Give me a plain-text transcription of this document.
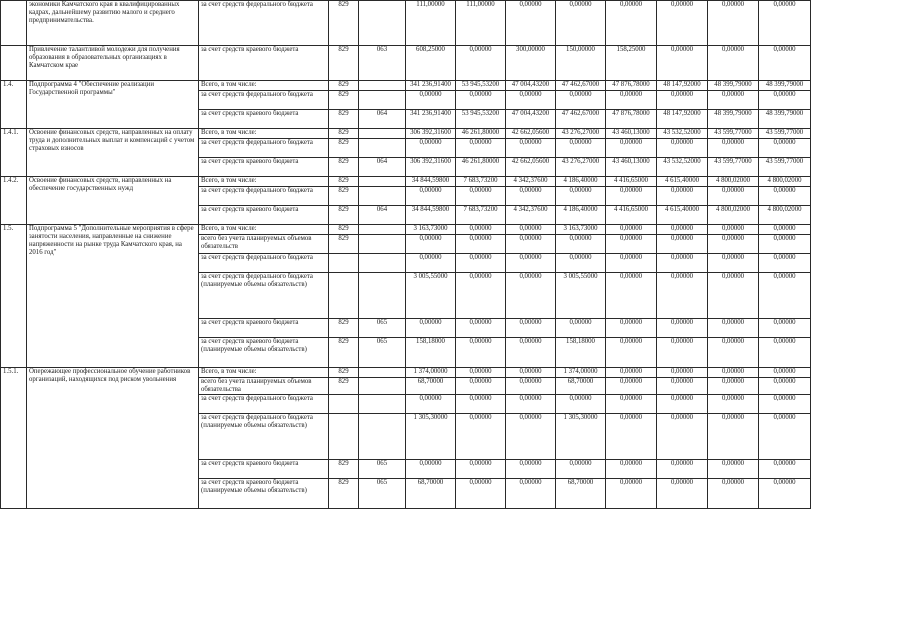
	экономики Камчатского края в квалифицированных кадрах, дальнейшему развитию малого и среднего предпринимательства.	за счет средств федерального бюджета	829		111,00000	111,00000	0,00000	0,00000	0,00000	0,00000	0,00000	0,00000
	Привлечение талантливой молодежи для получения образования в образовательных организациях в Камчатском крае	за счет средств краевого бюджета	829	063	608,25000	0,00000	300,00000	150,00000	158,25000	0,00000	0,00000	0,00000
1.4.	Подпрограмма 4 "Обеспечение реализации Государственной программы"	Всего, в том числе:	829		341 236,91400	53 945,53200	47 004,43200	47 462,67000	47 876,78000	48 147,92000	48 399,79000	48 399,79000
		за счет средств федерального бюджета	829		0,00000	0,00000	0,00000	0,00000	0,00000	0,00000	0,00000	0,00000
		за счет средств краевого бюджета	829	064	341 236,91400	53 945,53200	47 004,43200	47 462,67000	47 876,78000	48 147,92000	48 399,79000	48 399,79000
1.4.1.	Освоение финансовых средств, направленных на оплату труда и дополнительных выплат и компенсаций с учетом страховых взносов	Всего, в том числе:	829		306 392,31600	46 261,80000	42 662,05600	43 276,27000	43 460,13000	43 532,52000	43 599,77000	43 599,77000
		за счет средств федерального бюджета	829		0,00000	0,00000	0,00000	0,00000	0,00000	0,00000	0,00000	0,00000
		за счет средств краевого бюджета	829	064	306 392,31600	46 261,80000	42 662,05600	43 276,27000	43 460,13000	43 532,52000	43 599,77000	43 599,77000
1.4.2.	Освоение финансовых средств, направленных на обеспечение государственных нужд	Всего, в том числе:	829		34 844,59800	7 683,73200	4 342,37600	4 186,40000	4 416,65000	4 615,40000	4 800,02000	4 800,02000
		за счет средств федерального бюджета	829		0,00000	0,00000	0,00000	0,00000	0,00000	0,00000	0,00000	0,00000
		за счет средств краевого бюджета	829	064	34 844,59800	7 683,73200	4 342,37600	4 186,40000	4 416,65000	4 615,40000	4 800,02000	4 800,02000
1.5.	Подпрограмма 5 "Дополнительные мероприятия в сфере занятости населения, направленные на снижение напряженности на рынке труда Камчатского края, на 2016 год"	Всего, в том числе:	829		3 163,73000	0,00000	0,00000	3 163,73000	0,00000	0,00000	0,00000	0,00000
		всего без учета планируемых объемов обязательств	829		0,00000	0,00000	0,00000	0,00000	0,00000	0,00000	0,00000	0,00000
		за счет средств федерального бюджета			0,00000	0,00000	0,00000	0,00000	0,00000	0,00000	0,00000	0,00000
		за счет средств федерального бюджета (планируемые объемы обязательств)			3 005,55000	0,00000	0,00000	3 005,55000	0,00000	0,00000	0,00000	0,00000
		за счет средств краевого бюджета	829	065	0,00000	0,00000	0,00000	0,00000	0,00000	0,00000	0,00000	0,00000
		за счет средств краевого бюджета (планируемые объемы обязательств)	829	065	158,18000	0,00000	0,00000	158,18000	0,00000	0,00000	0,00000	0,00000
1.5.1.	Опережающее профессиональное обучение работников организаций, находящихся под риском увольнения	Всего, в том числе:	829		1 374,00000	0,00000	0,00000	1 374,00000	0,00000	0,00000	0,00000	0,00000
		всего без учета планируемых объемов обязательства	829		68,70000	0,00000	0,00000	68,70000	0,00000	0,00000	0,00000	0,00000
		за счет средств федерального бюджета			0,00000	0,00000	0,00000	0,00000	0,00000	0,00000	0,00000	0,00000
		за счет средств федерального бюджета (планируемые объемы обязательств)			1 305,30000	0,00000	0,00000	1 305,30000	0,00000	0,00000	0,00000	0,00000
		за счет средств краевого бюджета	829	065	0,00000	0,00000	0,00000	0,00000	0,00000	0,00000	0,00000	0,00000
		за счет средств краевого бюджета (планируемые объемы обязательств)	829	065	68,70000	0,00000	0,00000	68,70000	0,00000	0,00000	0,00000	0,00000
